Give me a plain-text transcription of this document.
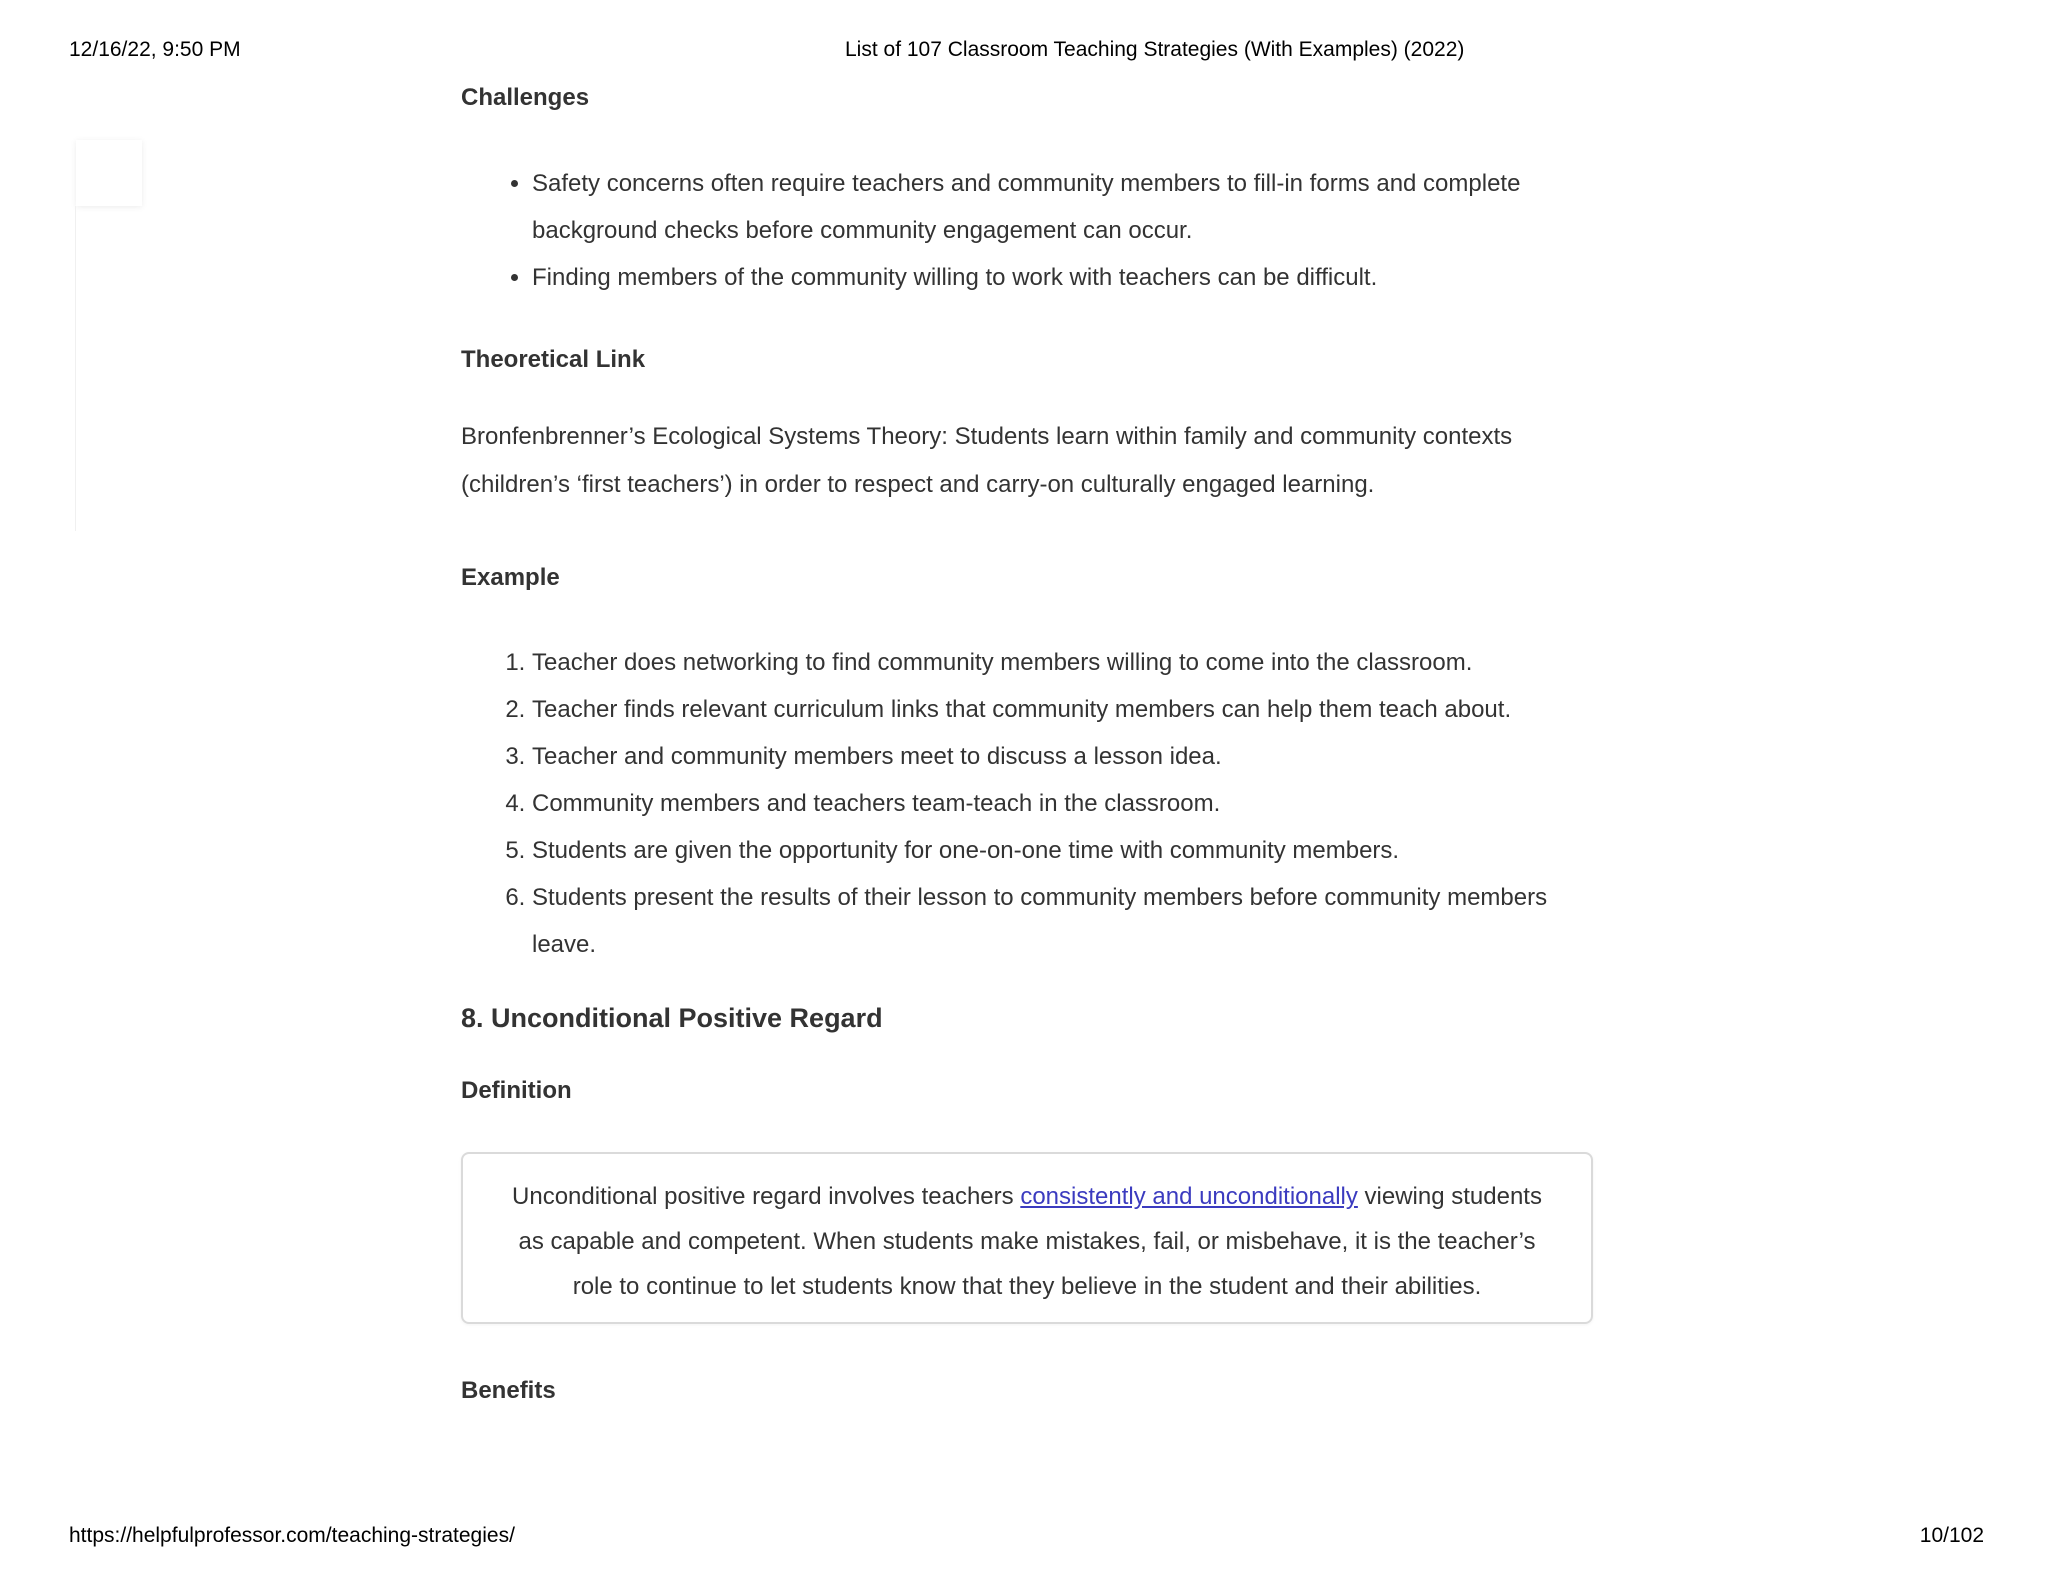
12/16/22, 9:50 PM	List of 107 Classroom Teaching Strategies (With Examples) (2022)
Challenges
• Safety concerns often require teachers and community members to fill-in forms and complete background checks before community engagement can occur.
• Finding members of the community willing to work with teachers can be difficult.
Theoretical Link

Bronfenbrenner’s Ecological Systems Theory: Students learn within family and community contexts (children’s ‘first teachers’) in order to respect and carry-on culturally engaged learning.

Example
1. Teacher does networking to find community members willing to come into the classroom.
2. Teacher finds relevant curriculum links that community members can help them teach about.
3. Teacher and community members meet to discuss a lesson idea.
4. Community members and teachers team-teach in the classroom.
5. Students are given the opportunity for one-on-one time with community members.
6. Students present the results of their lesson to community members before community members leave.
8. Unconditional Positive Regard
Definition
Unconditional positive regard involves teachers consistently and unconditionally viewing students as capable and competent. When students make mistakes, fail, or misbehave, it is the teacher’s role to continue to let students know that they believe in the student and their abilities.
Benefits
https://helpfulprofessor.com/teaching-strategies/	10/102
